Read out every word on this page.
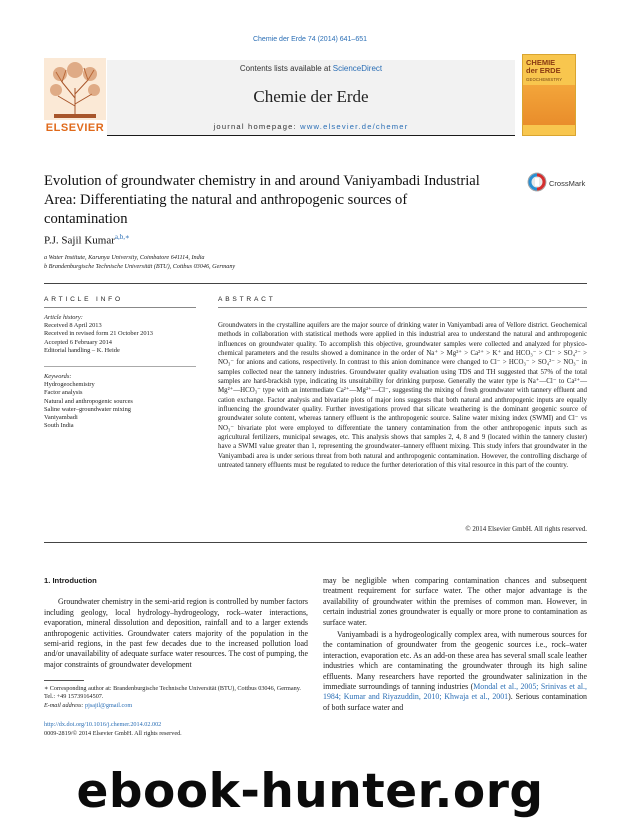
Chemie der Erde 74 (2014) 641–651
Contents lists available at ScienceDirect
Chemie der Erde
journal homepage: www.elsevier.de/chemer
ELSEVIER
CHEMIE
der ERDE
GEOCHEMISTRY
Evolution of groundwater chemistry in and around Vaniyambadi Industrial Area: Differentiating the natural and anthropogenic sources of contamination
CrossMark
P.J. Sajil Kumar$^{a,b,∗}$
a Water Institute, Karunya University, Coimbatore 641114, India
b Brandenburgische Technische Universität (BTU), Cottbus 03046, Germany
ARTICLE INFO	ABSTRACT
Article history:
Received 8 April 2013
Received in revised form 21 October 2013
Accepted 6 February 2014
Editorial handling – K. Heide
Keywords:
Hydrogeochemistry
Factor analysis
Natural and anthropogenic sources
Saline water–groundwater mixing
Vaniyambadi
South India
Groundwaters in the crystalline aquifers are the major source of drinking water in Vaniyambadi area of Vellore district. Geochemical methods in collaboration with statistical methods were applied in this industrial area to understand the natural and anthropogenic influences on groundwater quality. To accomplish this objective, groundwater samples were collected and analyzed for physico-chemical parameters and the results showed a dominance in the order of Na⁺ > Mg²⁺ > Ca²⁺ > K⁺ and HCO₃⁻ > Cl⁻ > SO₄²⁻ > NO₃⁻ for anions and cations, respectively. In contrast to this anion dominance were changed to Cl⁻ > HCO₃⁻ > SO₄²⁻ > NO₃⁻ in samples collected near the tannery industries. Groundwater quality evaluation using TDS and TH suggested that 57% of the total samples are hard-brackish type, indicating its unsuitability for drinking purpose. Generally the water type is Na⁺—Cl⁻ to Ca²⁺—Mg²⁺—HCO₃⁻ type with an intermediate Ca²⁺—Mg²⁺—Cl⁻, suggesting the mixing of fresh groundwater with tannery effluent and cation exchange. Factor analysis and bivariate plots of major ions suggests that both natural and anthropogenic inputs are equally influencing the groundwater quality. Further investigations proved that silicate weathering is the dominant geogenic source of groundwater solute content, whereas tannery effluent is the anthropogenic source. Saline water mixing index (SWMI) and Cl⁻ vs NO₃⁻ bivariate plot were employed to differentiate the tannery contamination from the other anthropogenic inputs such as agricultural fertilizers, municipal sewages, etc. This analysis shows that samples 2, 4, 8 and 9 (located within the tannery cluster) have a SWMI value greater than 1, representing the groundwater–tannery effluent mixing. This study infers that groundwater in the Vaniyambadi area is under serious threat from both natural and anthropogenic contamination. However, the controlling discharge of untreated tannery effluents must be regulated to reduce the further deterioration of this vital resource in this part of the country.
© 2014 Elsevier GmbH. All rights reserved.
1. Introduction

Groundwater chemistry in the semi-arid region is controlled by number factors including geology, local hydrology–hydrogeology, rock–water interactions, evaporation, mineral dissolution and deposition, rainfall and to a larger extends anthropogenic activities. Groundwater caters majority of the population in the semi-arid regions, in the past few decades due to the increased pollution load and/or unavailability of adequate surface water resources. The cost of pumping, the major constraints of groundwater development

may be negligible when comparing contamination chances and subsequent treatment requirement for surface water. The other major advantage is the availability of groundwater within the premises of common man. However, in certain industrial zones groundwater is equally or more prone to contamination as surface water.

Vaniyambadi is a hydrogeologically complex area, with numerous sources for the contamination of groundwater from the geogenic sources i.e., rock–water interaction, evaporation etc. As an add-on these area has several small scale leather industries which are contaminating the groundwater through its high saline effluents. Many researchers have reported the groundwater salinization in the immediate surroundings of tanning industries (Mondal et al., 2005; Srinivas et al., 1984; Kumar and Riyazuddin, 2010; Khwaja et al., 2001). Serious contamination of both surface water and

∗ Corresponding author at: Brandenburgische Technische Universität (BTU), Cottbus 03046, Germany. Tel.: +49 15739164507.
E-mail address: pjsajil@gmail.com
http://dx.doi.org/10.1016/j.chemer.2014.02.002
0009-2819/© 2014 Elsevier GmbH. All rights reserved.
ebook-hunter.org
